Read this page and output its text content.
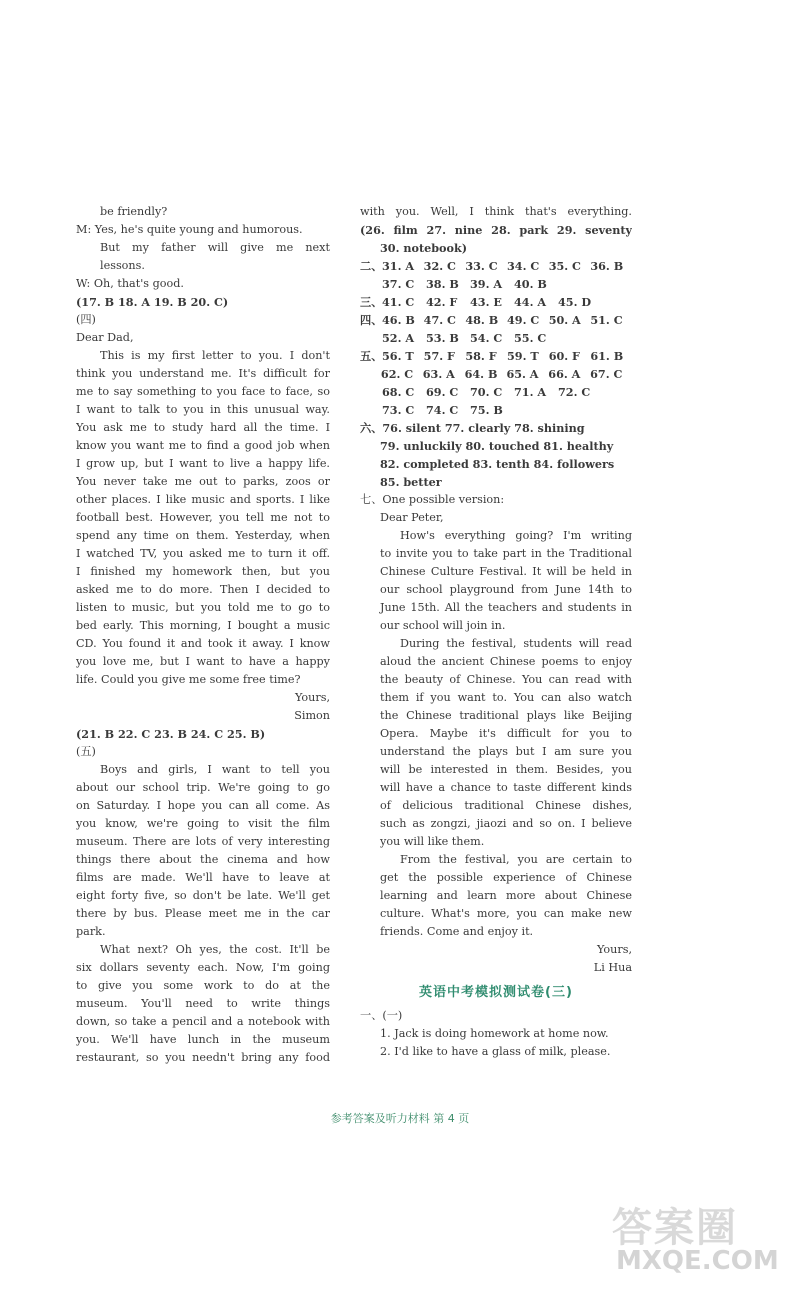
be friendly?
M: Yes, he's quite young and humorous.
But my father will give me next
lessons.
W: Oh, that's good.
(17. B 18. A 19. B 20. C)
(四)
Dear Dad,
This is my first letter to you. I don't
think you understand me. It's difficult for
me to say something to you face to face, so
I want to talk to you in this unusual way.
You ask me to study hard all the time. I
know you want me to find a good job when
I grow up, but I want to live a happy life.
You never take me out to parks, zoos or
other places. I like music and sports. I like
football best. However, you tell me not to
spend any time on them. Yesterday, when
I watched TV, you asked me to turn it off.
I finished my homework then, but you
asked me to do more. Then I decided to
listen to music, but you told me to go to
bed early. This morning, I bought a music
CD. You found it and took it away. I know
you love me, but I want to have a happy
life. Could you give me some free time?
Yours,
Simon
(21. B 22. C 23. B 24. C 25. B)
(五)
Boys and girls, I want to tell you
about our school trip. We're going to go
on Saturday. I hope you can all come. As
you know, we're going to visit the film
museum. There are lots of very interesting
things there about the cinema and how
films are made. We'll have to leave at
eight forty five, so don't be late. We'll get
there by bus. Please meet me in the car
park.
What next? Oh yes, the cost. It'll be
six dollars seventy each. Now, I'm going
to give you some work to do at the
museum. You'll need to write things
down, so take a pencil and a notebook with
you. We'll have lunch in the museum
restaurant, so you needn't bring any food
with you. Well, I think that's everything.
(26. film 27. nine 28. park 29. seventy
30. notebook)
二、 31. A 32. C 33. C 34. C 35. C 36. B
37. C	38. B 39. A	40. B
三、 41. C	42. F	43. E	44. A	45. D
四、 46. B 47. C 48. B 49. C 50. A 51. C
52. A	53. B 54. C	55. C
五、 56. T 57. F 58. F 59. T 60. F 61. B
62. C 63. A 64. B 65. A 66. A 67. C
68. C	69. C	70. C	71. A	72. C
73. C	74. C	75. B
六、76. silent 77. clearly 78. shining
79. unluckily 80. touched 81. healthy
82. completed 83. tenth 84. followers
85. better
七、One possible version:
Dear Peter,
How's everything going? I'm writing
to invite you to take part in the Traditional
Chinese Culture Festival. It will be held in
our school playground from June 14th to
June 15th. All the teachers and students in
our school will join in.
During the festival, students will read
aloud the ancient Chinese poems to enjoy
the beauty of Chinese. You can read with
them if you want to. You can also watch
the Chinese traditional plays like Beijing
Opera. Maybe it's difficult for you to
understand the plays but I am sure you
will be interested in them. Besides, you
will have a chance to taste different kinds
of delicious traditional Chinese dishes,
such as zongzi, jiaozi and so on. I believe
you will like them.
From the festival, you are certain to
get the possible experience of Chinese
learning and learn more about Chinese
culture. What's more, you can make new
friends. Come and enjoy it.
Yours,
Li Hua
英语中考模拟测试卷(三)
一、(一)
1. Jack is doing homework at home now.
2. I'd like to have a glass of milk, please.
参考答案及听力材料 第 4 页
答案圈
MXQE.COM
